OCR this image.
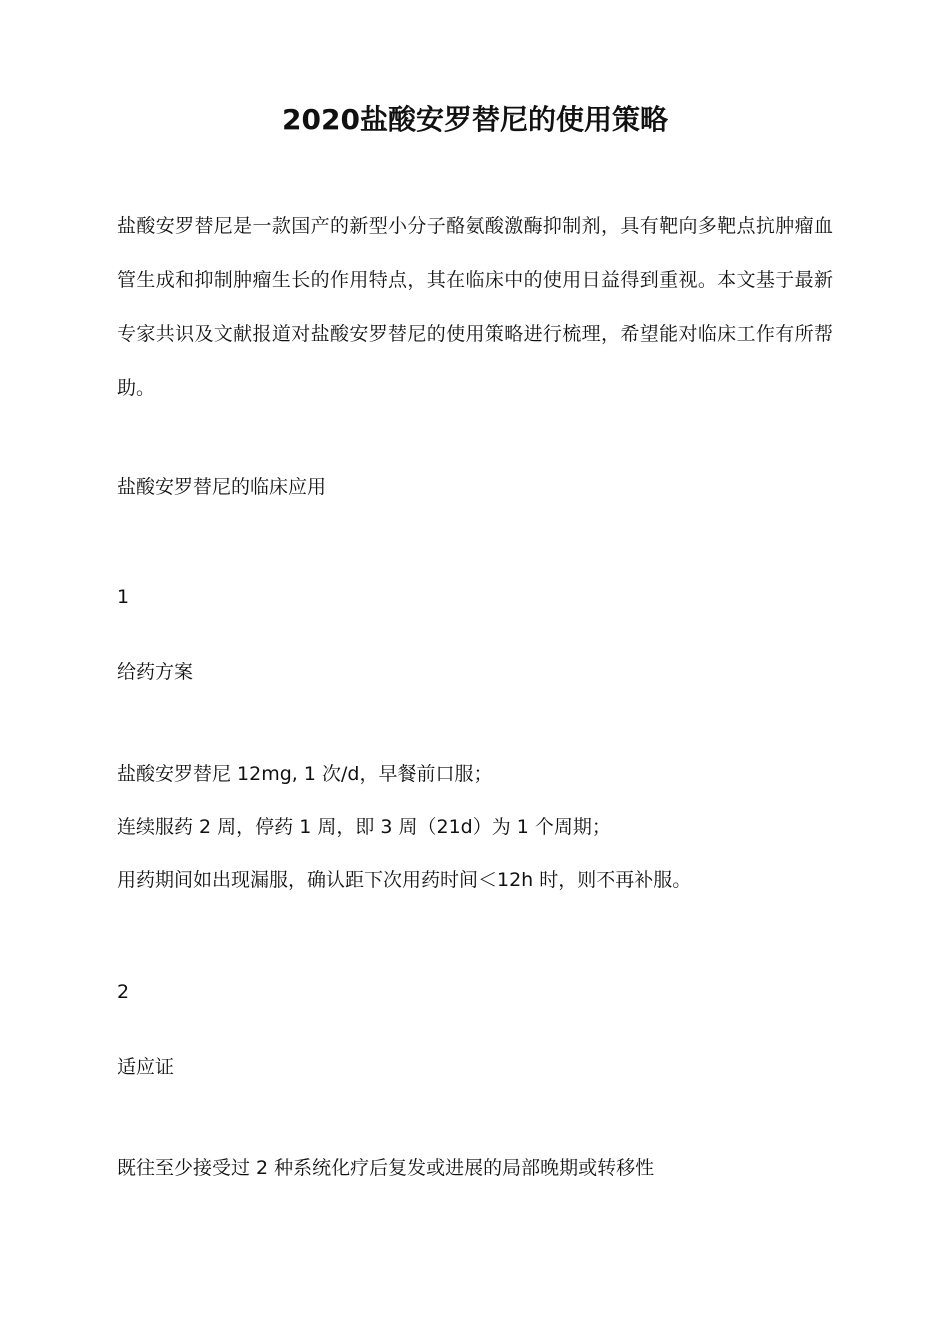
2020盐酸安罗替尼的使用策略

盐酸安罗替尼是一款国产的新型小分子酪氨酸激酶抑制剂，具有靶向多靶点抗肿瘤血管生成和抑制肿瘤生长的作用特点，其在临床中的使用日益得到重视。本文基于最新专家共识及文献报道对盐酸安罗替尼的使用策略进行梳理，希望能对临床工作有所帮助。

盐酸安罗替尼的临床应用

1

给药方案

盐酸安罗替尼 12mg, 1 次/d，早餐前口服；

连续服药 2 周，停药 1 周，即 3 周（21d）为 1 个周期；

用药期间如出现漏服，确认距下次用药时间＜12h 时，则不再补服。

2

适应证

既往至少接受过 2 种系统化疗后复发或进展的局部晚期或转移性
